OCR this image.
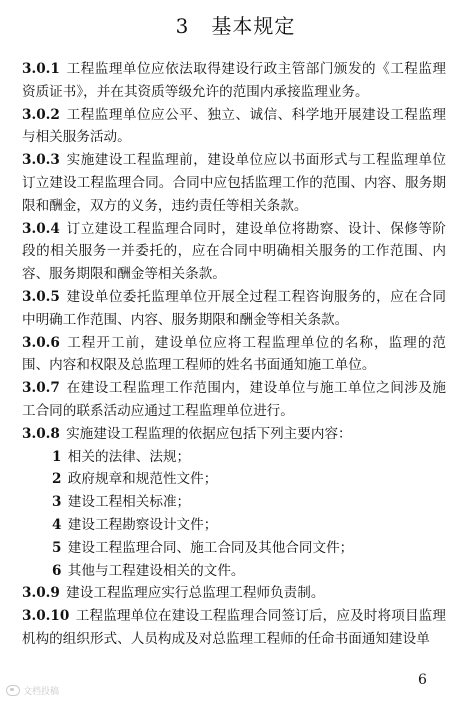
3 基本规定

3.0.1 工程监理单位应依法取得建设行政主管部门颁发的《工程监理资质证书》，并在其资质等级允许的范围内承接监理业务。

3.0.2 工程监理单位应公平、独立、诚信、科学地开展建设工程监理与相关服务活动。

3.0.3 实施建设工程监理前，建设单位应以书面形式与工程监理单位订立建设工程监理合同。合同中应包括监理工作的范围、内容、服务期限和酬金，双方的义务，违约责任等相关条款。

3.0.4 订立建设工程监理合同时，建设单位将勘察、设计、保修等阶段的相关服务一并委托的，应在合同中明确相关服务的工作范围、内容、服务期限和酬金等相关条款。

3.0.5 建设单位委托监理单位开展全过程工程咨询服务的，应在合同中明确工作范围、内容、服务期限和酬金等相关条款。

3.0.6 工程开工前，建设单位应将工程监理单位的名称，监理的范围、内容和权限及总监理工程师的姓名书面通知施工单位。

3.0.7 在建设工程监理工作范围内，建设单位与施工单位之间涉及施工合同的联系活动应通过工程监理单位进行。

3.0.8 实施建设工程监理的依据应包括下列主要内容：

1 相关的法律、法规；

2 政府规章和规范性文件；

3 建设工程相关标准；

4 建设工程勘察设计文件；

5 建设工程监理合同、施工合同及其他合同文件；

6 其他与工程建设相关的文件。

3.0.9 建设工程监理应实行总监理工程师负责制。

3.0.10 工程监理单位在建设工程监理合同签订后，应及时将项目监理机构的组织形式、人员构成及对总监理工程师的任命书面通知建设单

文档投稿
6
